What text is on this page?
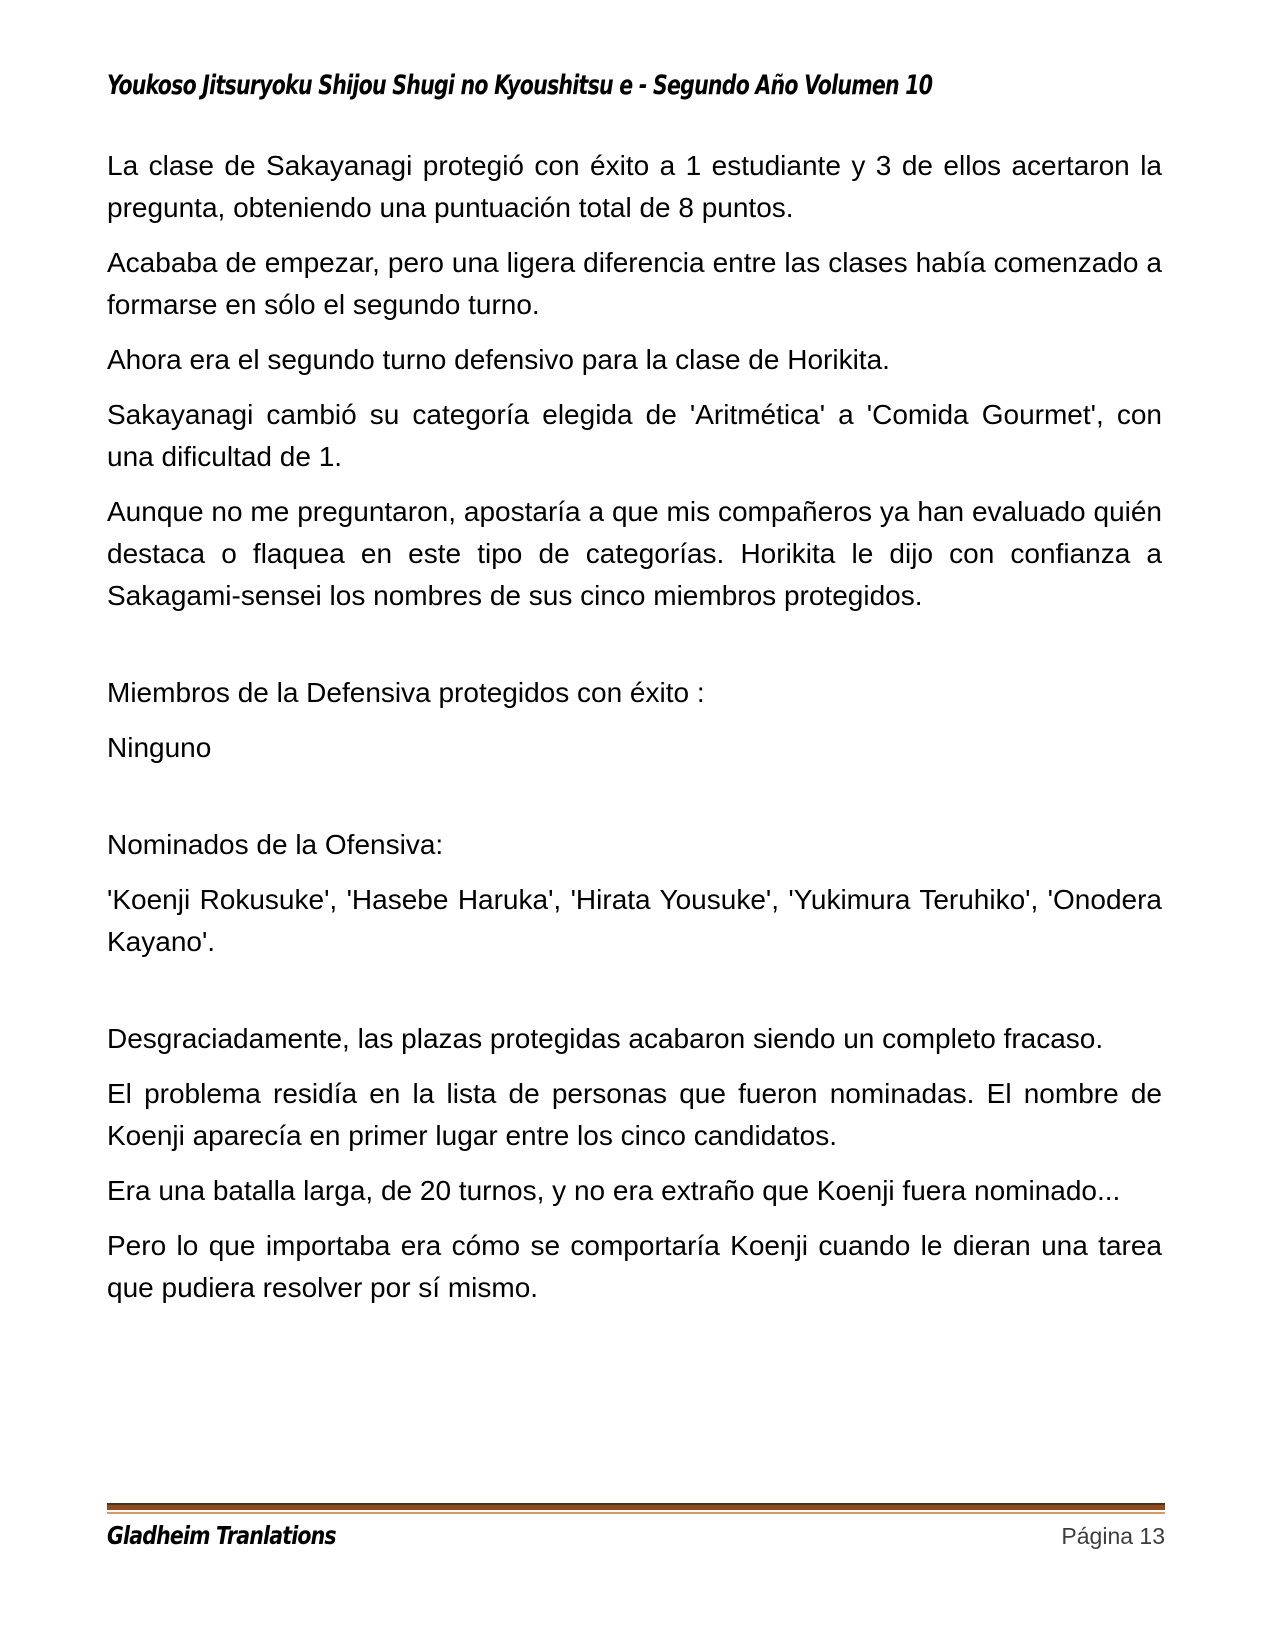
Youkoso Jitsuryoku Shijou Shugi no Kyoushitsu e - Segundo Año Volumen 10

La clase de Sakayanagi protegió con éxito a 1 estudiante y 3 de ellos acertaron la pregunta, obteniendo una puntuación total de 8 puntos.

Acababa de empezar, pero una ligera diferencia entre las clases había comenzado a formarse en sólo el segundo turno.

Ahora era el segundo turno defensivo para la clase de Horikita.

Sakayanagi cambió su categoría elegida de 'Aritmética' a 'Comida Gourmet', con una dificultad de 1.

Aunque no me preguntaron, apostaría a que mis compañeros ya han evaluado quién destaca o flaquea en este tipo de categorías. Horikita le dijo con confianza a Sakagami-sensei los nombres de sus cinco miembros protegidos.

Miembros de la Defensiva protegidos con éxito :

Ninguno

Nominados de la Ofensiva:

'Koenji Rokusuke', 'Hasebe Haruka', 'Hirata Yousuke', 'Yukimura Teruhiko', 'Onodera Kayano'.

Desgraciadamente, las plazas protegidas acabaron siendo un completo fracaso.

El problema residía en la lista de personas que fueron nominadas. El nombre de Koenji aparecía en primer lugar entre los cinco candidatos.

Era una batalla larga, de 20 turnos, y no era extraño que Koenji fuera nominado...

Pero lo que importaba era cómo se comportaría Koenji cuando le dieran una tarea que pudiera resolver por sí mismo.

Gladheim Tranlations	Página 13
